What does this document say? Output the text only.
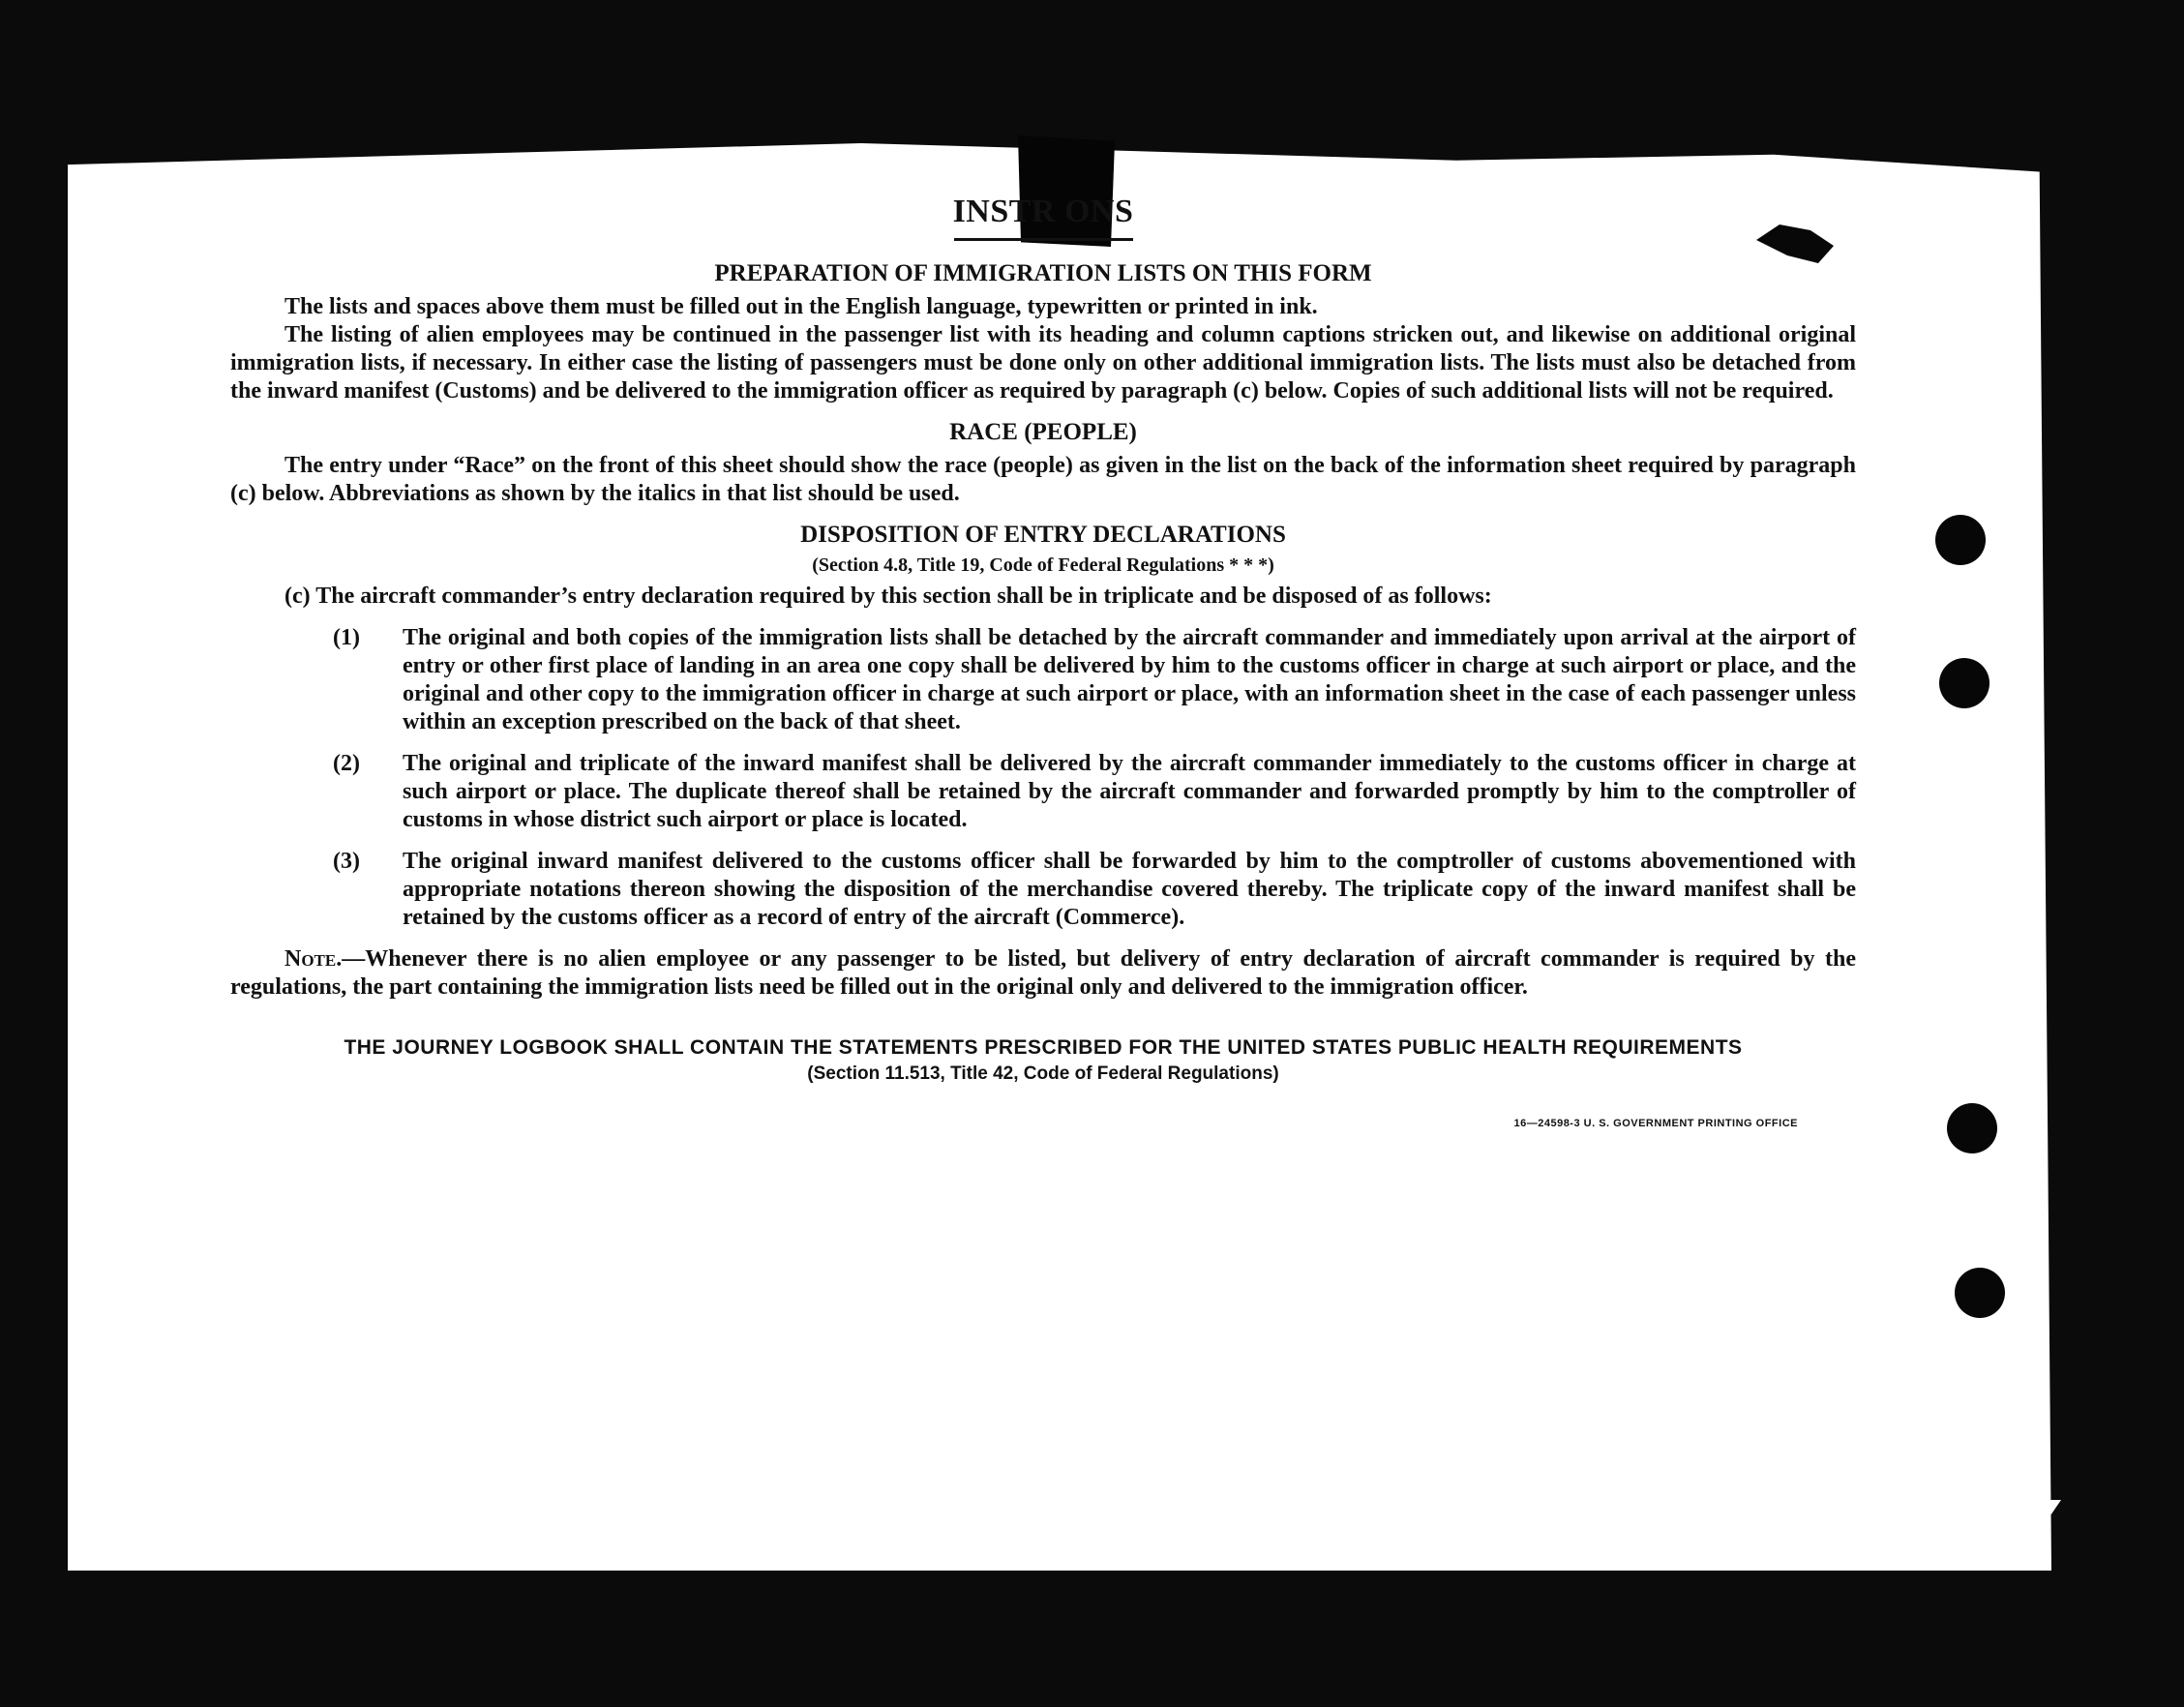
INSTR ONS
PREPARATION OF IMMIGRATION LISTS ON THIS FORM

The lists and spaces above them must be filled out in the English language, typewritten or printed in ink.

The listing of alien employees may be continued in the passenger list with its heading and column captions stricken out, and likewise on additional original immigration lists, if necessary. In either case the listing of passengers must be done only on other additional immigration lists. The lists must also be detached from the inward manifest (Customs) and be delivered to the immigration officer as required by paragraph (c) below. Copies of such additional lists will not be required.

RACE (PEOPLE)

The entry under “Race” on the front of this sheet should show the race (people) as given in the list on the back of the information sheet required by paragraph (c) below. Abbreviations as shown by the italics in that list should be used.

DISPOSITION OF ENTRY DECLARATIONS
(Section 4.8, Title 19, Code of Federal Regulations * * *)

(c) The aircraft commander’s entry declaration required by this section shall be in triplicate and be disposed of as follows:

(1) The original and both copies of the immigration lists shall be detached by the aircraft commander and immediately upon arrival at the airport of entry or other first place of landing in an area one copy shall be delivered by him to the customs officer in charge at such airport or place, and the original and other copy to the immigration officer in charge at such airport or place, with an information sheet in the case of each passenger unless within an exception prescribed on the back of that sheet.
(2) The original and triplicate of the inward manifest shall be delivered by the aircraft commander immediately to the customs officer in charge at such airport or place. The duplicate thereof shall be retained by the aircraft commander and forwarded promptly by him to the comptroller of customs in whose district such airport or place is located.
(3) The original inward manifest delivered to the customs officer shall be forwarded by him to the comptroller of customs abovementioned with appropriate notations thereon showing the disposition of the merchandise covered thereby. The triplicate copy of the inward manifest shall be retained by the customs officer as a record of entry of the aircraft (Commerce).

Note.—Whenever there is no alien employee or any passenger to be listed, but delivery of entry declaration of aircraft commander is required by the regulations, the part containing the immigration lists need be filled out in the original only and delivered to the immigration officer.

THE JOURNEY LOGBOOK SHALL CONTAIN THE STATEMENTS PRESCRIBED FOR THE UNITED STATES PUBLIC HEALTH REQUIREMENTS
(Section 11.513, Title 42, Code of Federal Regulations)
16—24598-3 U. S. GOVERNMENT PRINTING OFFICE
